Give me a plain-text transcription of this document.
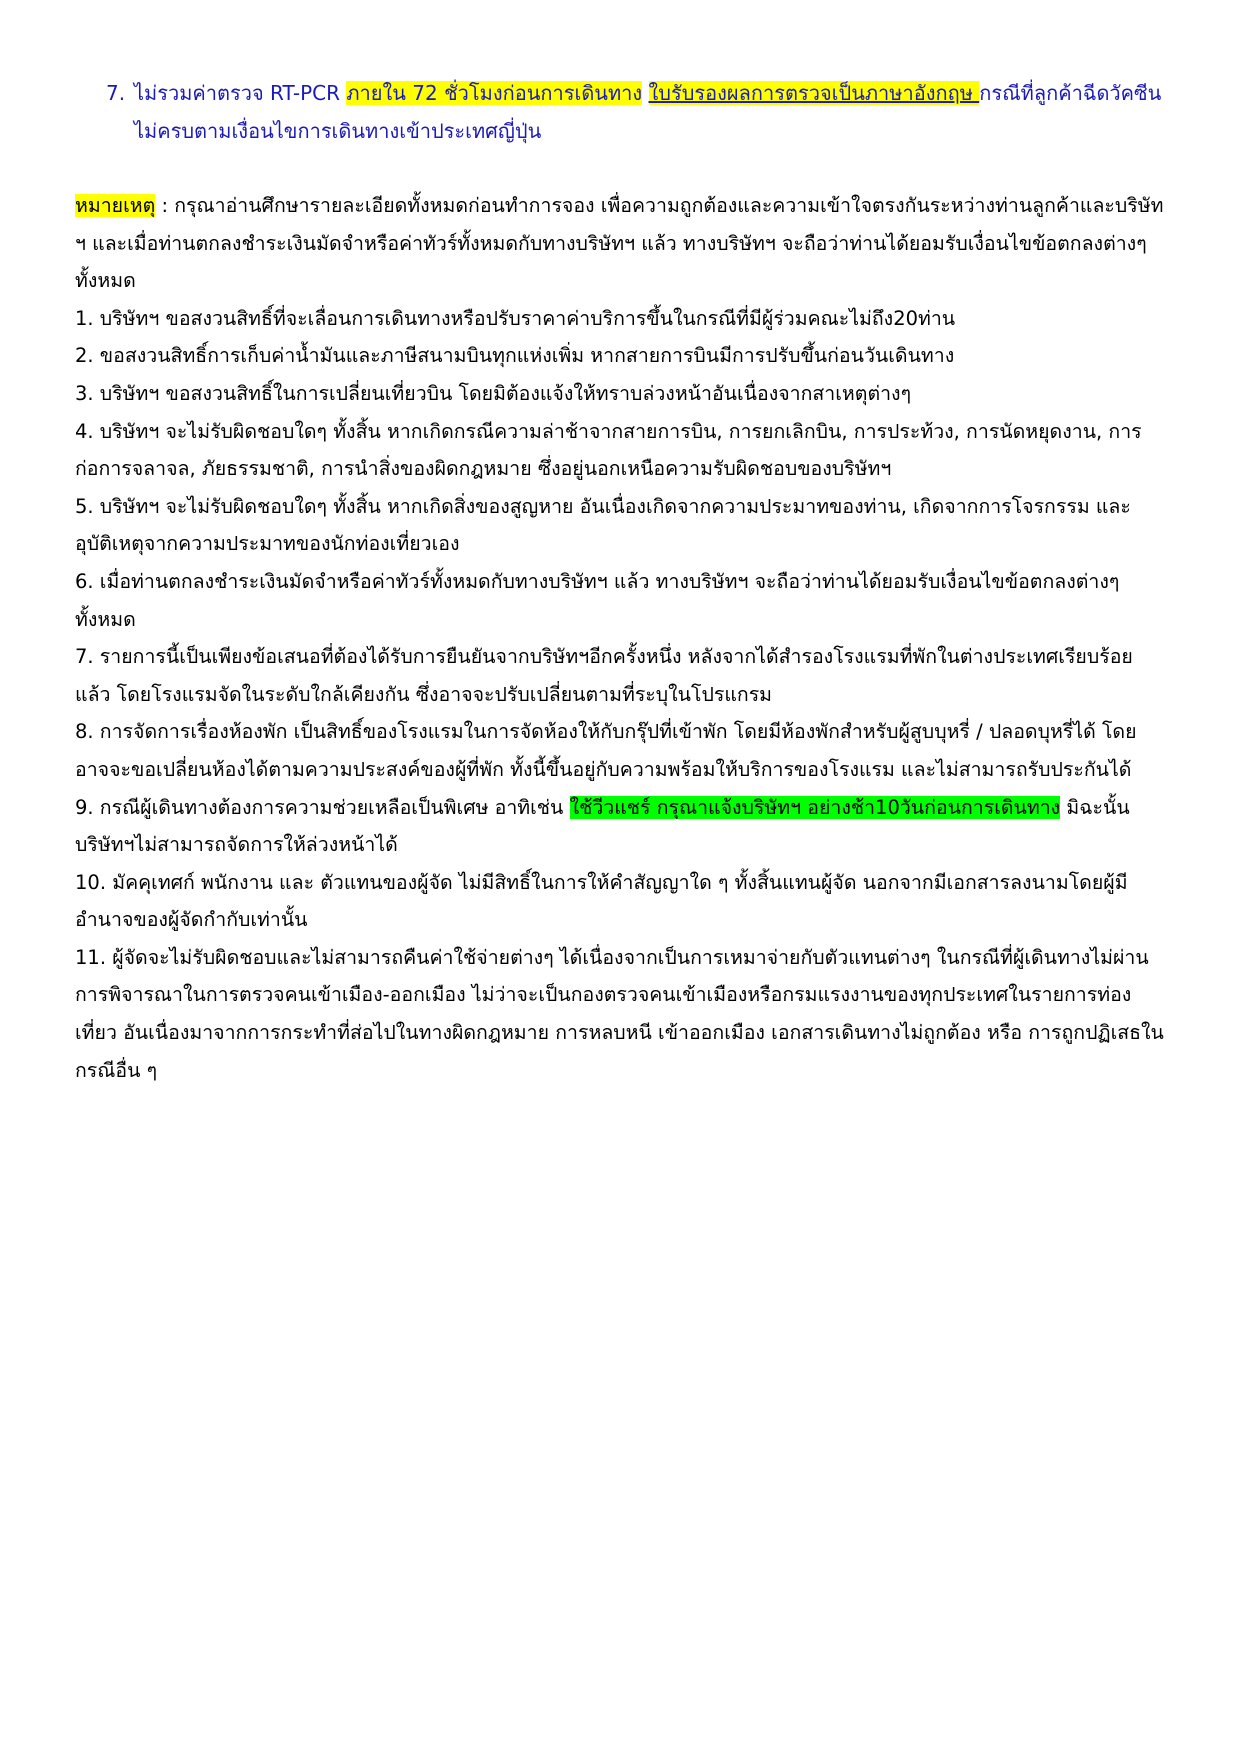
7. ไม่รวมค่าตรวจ RT-PCR ภายใน 72 ชั่วโมงก่อนการเดินทาง ใบรับรองผลการตรวจเป็นภาษาอังกฤษ กรณีที่ลูกค้าฉีดวัคซีนไม่ครบตามเงื่อนไขการเดินทางเข้าประเทศญี่ปุ่น

หมายเหตุ : กรุณาอ่านศึกษารายละเอียดทั้งหมดก่อนทำการจอง เพื่อความถูกต้องและความเข้าใจตรงกันระหว่างท่านลูกค้าและบริษัท ฯ และเมื่อท่านตกลงชำระเงินมัดจำหรือค่าทัวร์ทั้งหมดกับทางบริษัทฯ แล้ว ทางบริษัทฯ จะถือว่าท่านได้ยอมรับเงื่อนไขข้อตกลงต่างๆ ทั้งหมด

1. บริษัทฯ ขอสงวนสิทธิ์ที่จะเลื่อนการเดินทางหรือปรับราคาค่าบริการขึ้นในกรณีที่มีผู้ร่วมคณะไม่ถึง20ท่าน

2. ขอสงวนสิทธิ์การเก็บค่าน้ำมันและภาษีสนามบินทุกแห่งเพิ่ม หากสายการบินมีการปรับขึ้นก่อนวันเดินทาง

3. บริษัทฯ ขอสงวนสิทธิ์ในการเปลี่ยนเที่ยวบิน โดยมิต้องแจ้งให้ทราบล่วงหน้าอันเนื่องจากสาเหตุต่างๆ

4. บริษัทฯ จะไม่รับผิดชอบใดๆ ทั้งสิ้น หากเกิดกรณีความล่าช้าจากสายการบิน, การยกเลิกบิน, การประท้วง, การนัดหยุดงาน, การก่อการจลาจล, ภัยธรรมชาติ, การนำสิ่งของผิดกฎหมาย ซึ่งอยู่นอกเหนือความรับผิดชอบของบริษัทฯ

5. บริษัทฯ จะไม่รับผิดชอบใดๆ ทั้งสิ้น หากเกิดสิ่งของสูญหาย อันเนื่องเกิดจากความประมาทของท่าน, เกิดจากการโจรกรรม และอุบัติเหตุจากความประมาทของนักท่องเที่ยวเอง

6. เมื่อท่านตกลงชำระเงินมัดจำหรือค่าทัวร์ทั้งหมดกับทางบริษัทฯ แล้ว ทางบริษัทฯ จะถือว่าท่านได้ยอมรับเงื่อนไขข้อตกลงต่างๆ ทั้งหมด

7. รายการนี้เป็นเพียงข้อเสนอที่ต้องได้รับการยืนยันจากบริษัทฯอีกครั้งหนึ่ง หลังจากได้สำรองโรงแรมที่พักในต่างประเทศเรียบร้อยแล้ว โดยโรงแรมจัดในระดับใกล้เคียงกัน ซึ่งอาจจะปรับเปลี่ยนตามที่ระบุในโปรแกรม

8. การจัดการเรื่องห้องพัก เป็นสิทธิ์ของโรงแรมในการจัดห้องให้กับกรุ๊ปที่เข้าพัก โดยมีห้องพักสำหรับผู้สูบบุหรี่ / ปลอดบุหรี่ได้ โดยอาจจะขอเปลี่ยนห้องได้ตามความประสงค์ของผู้ที่พัก ทั้งนี้ขึ้นอยู่กับความพร้อมให้บริการของโรงแรม และไม่สามารถรับประกันได้

9. กรณีผู้เดินทางต้องการความช่วยเหลือเป็นพิเศษ อาทิเช่น ใช้วีวแชร์ กรุณาแจ้งบริษัทฯ อย่างช้า10วันก่อนการเดินทาง มิฉะนั้นบริษัทฯไม่สามารถจัดการให้ล่วงหน้าได้

10. มัคคุเทศก์ พนักงาน และ ตัวแทนของผู้จัด ไม่มีสิทธิ์ในการให้คำสัญญาใด ๆ ทั้งสิ้นแทนผู้จัด นอกจากมีเอกสารลงนามโดยผู้มีอำนาจของผู้จัดกำกับเท่านั้น

11. ผู้จัดจะไม่รับผิดชอบและไม่สามารถคืนค่าใช้จ่ายต่างๆ ได้เนื่องจากเป็นการเหมาจ่ายกับตัวแทนต่างๆ ในกรณีที่ผู้เดินทางไม่ผ่านการพิจารณาในการตรวจคนเข้าเมือง-ออกเมือง ไม่ว่าจะเป็นกองตรวจคนเข้าเมืองหรือกรมแรงงานของทุกประเทศในรายการท่องเที่ยว อันเนื่องมาจากการกระทำที่ส่อไปในทางผิดกฎหมาย การหลบหนี เข้าออกเมือง เอกสารเดินทางไม่ถูกต้อง หรือ การถูกปฏิเสธในกรณีอื่น ๆ
